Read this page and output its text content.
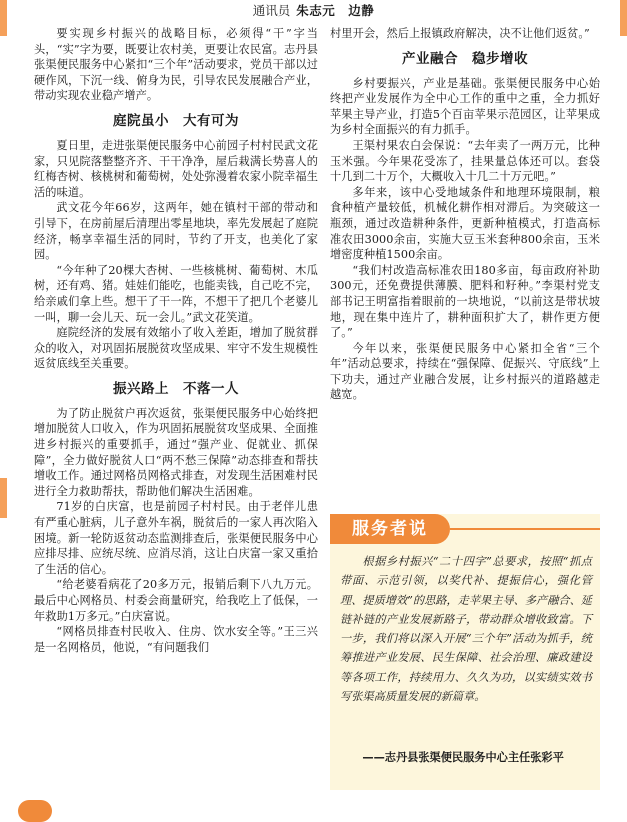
通讯员 朱志元　边静

要实现乡村振兴的战略目标，必须得“干”字当头，“实”字为要，既要让农村美，更要让农民富。志丹县张渠便民服务中心紧扣“三个年”活动要求，党员干部以过硬作风，下沉一线、俯身为民，引导农民发展融合产业，带动实现农业稳产增产。

庭院虽小　大有可为

夏日里，走进张渠便民服务中心前园子村村民武文花家，只见院落整整齐齐、干干净净，屋后栽满长势喜人的红梅杏树、核桃树和葡萄树，处处弥漫着农家小院幸福生活的味道。

武文花今年66岁，这两年，她在镇村干部的带动和引导下，在房前屋后清理出零星地块，率先发展起了庭院经济，畅享幸福生活的同时，节约了开支，也美化了家园。

“今年种了20棵大杏树、一些核桃树、葡萄树、木瓜树，还有鸡、猪。娃娃们能吃，也能卖钱，自己吃不完，给亲戚们拿上些。想干了干一阵，不想干了把几个老婆儿一叫，聊一会儿天、玩一会儿。”武文花笑道。

庭院经济的发展有效缩小了收入差距，增加了脱贫群众的收入，对巩固拓展脱贫攻坚成果、牢守不发生规模性返贫底线至关重要。

振兴路上　不落一人

为了防止脱贫户再次返贫，张渠便民服务中心始终把增加脱贫人口收入，作为巩固拓展脱贫攻坚成果、全面推进乡村振兴的重要抓手，通过“强产业、促就业、抓保障”，全力做好脱贫人口“两不愁三保障”动态排查和帮扶增收工作。通过网格员网格式排查，对发现生活困难村民进行全力救助帮扶，帮助他们解决生活困难。

71岁的白庆富，也是前园子村村民。由于老伴儿患有严重心脏病，儿子意外车祸，脱贫后的一家人再次陷入困境。新一轮防返贫动态监测排查后，张渠便民服务中心应排尽排、应统尽统、应消尽消，这让白庆富一家又重拾了生活的信心。

“给老婆看病花了20多万元，报销后剩下八九万元。最后中心网格员、村委会商量研究，给我吃上了低保，一年救助1万多元。”白庆富说。

“网格员排查村民收入、住房、饮水安全等。”王三兴是一名网格员，他说，“有问题我们

村里开会，然后上报镇政府解决，决不让他们返贫。”

产业融合　稳步增收

乡村要振兴，产业是基础。张渠便民服务中心始终把产业发展作为全中心工作的重中之重，全力抓好苹果主导产业，打造5个百亩苹果示范园区，让苹果成为乡村全面振兴的有力抓手。

王渠村果农白会保说：“去年卖了一两万元，比种玉米强。今年果花受冻了，挂果量总体还可以。套袋十几到二十万个，大概收入十几二十万元吧。”

多年来，该中心受地域条件和地理环境限制，粮食种植产量较低，机械化耕作相对滞后。为突破这一瓶颈，通过改造耕种条件，更新种植模式，打造高标准农田3000余亩，实施大豆玉米套种800余亩，玉米增密度种植1500余亩。

“我们村改造高标准农田180多亩，每亩政府补助300元，还免费提供薄膜、肥料和籽种。”李渠村党支部书记王明富指着眼前的一块地说，“以前这是带状坡地，现在集中连片了，耕种面积扩大了，耕作更方便了。”

今年以来，张渠便民服务中心紧扣全省“三个年”活动总要求，持续在“强保障、促振兴、守底线”上下功夫，通过产业融合发展，让乡村振兴的道路越走越宽。

服务者说

根据乡村振兴“二十四字”总要求，按照“抓点带面、示范引领，以奖代补、提振信心，强化管理、提质增效”的思路，走苹果主导、多产融合、延链补链的产业发展新路子，带动群众增收致富。下一步，我们将以深入开展“三个年”活动为抓手，统筹推进产业发展、民生保障、社会治理、廉政建设等各项工作，持续用力、久久为功，以实绩实效书写张渠高质量发展的新篇章。

——志丹县张渠便民服务中心主任张彩平
